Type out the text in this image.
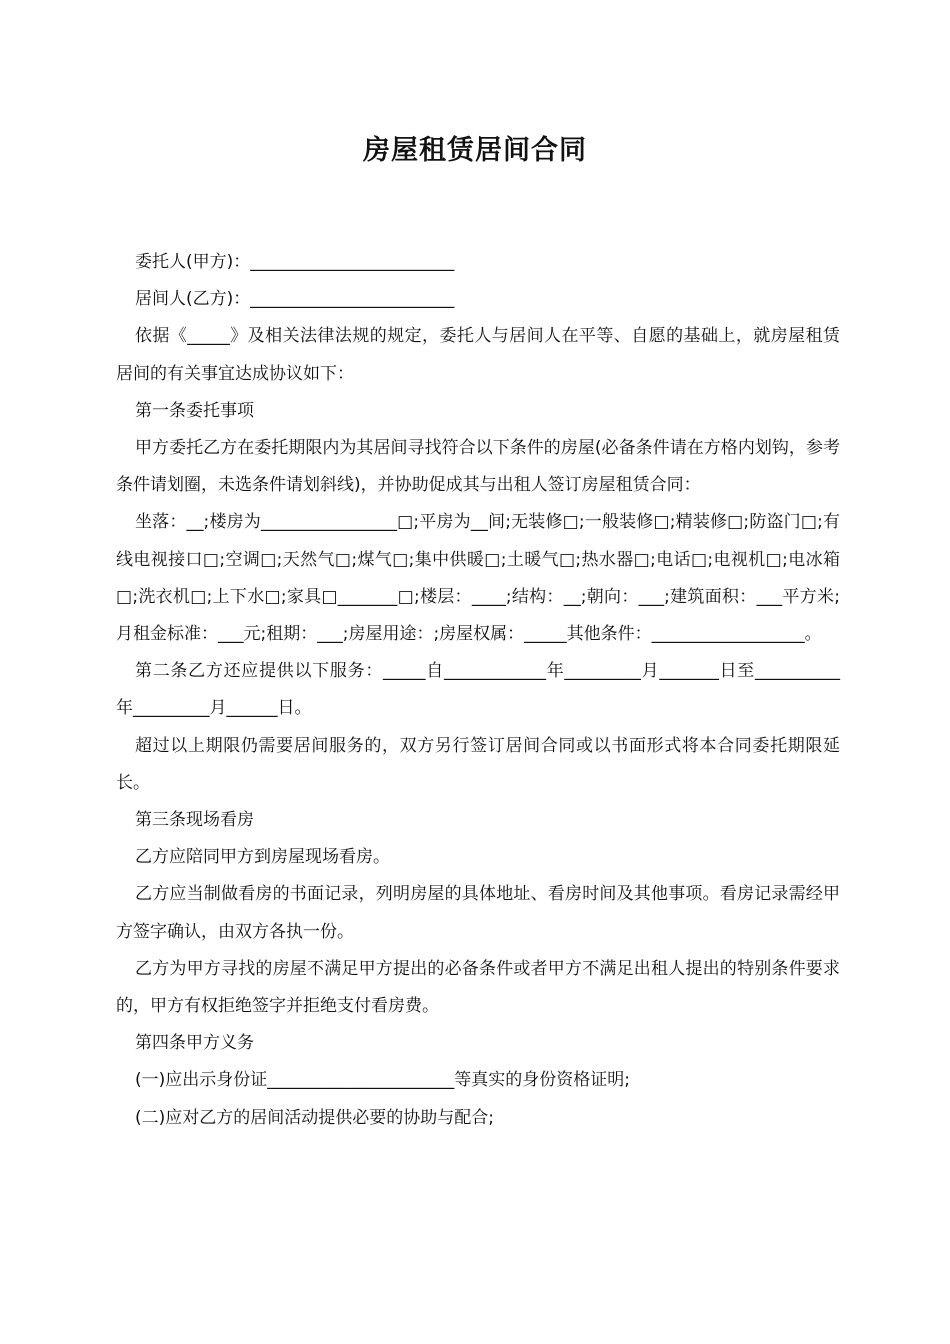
房屋租赁居间合同

委托人(甲方)：________________________

居间人(乙方)：________________________

依据《_____》及相关法律法规的规定，委托人与居间人在平等、自愿的基础上，就房屋租赁居间的有关事宜达成协议如下：

第一条委托事项

甲方委托乙方在委托期限内为其居间寻找符合以下条件的房屋(必备条件请在方格内划钩，参考条件请划圈，未选条件请划斜线)，并协助促成其与出租人签订房屋租赁合同：

坐落：__;楼房为________________□;平房为__间;无装修□;一般装修□;精装修□;防盗门□;有线电视接口□;空调□;天然气□;煤气□;集中供暖□;土暖气□;热水器□;电话□;电视机□;电冰箱□;洗衣机□;上下水□;家具□_______□;楼层：____;结构：__;朝向：___;建筑面积：___平方米;月租金标准：___元;租期：___;房屋用途：;房屋权属：_____其他条件：__________________。

第二条乙方还应提供以下服务：_____自____________年_________月_______日至__________年_________月______日。

超过以上期限仍需要居间服务的，双方另行签订居间合同或以书面形式将本合同委托期限延长。

第三条现场看房

乙方应陪同甲方到房屋现场看房。

乙方应当制做看房的书面记录，列明房屋的具体地址、看房时间及其他事项。看房记录需经甲方签字确认，由双方各执一份。

乙方为甲方寻找的房屋不满足甲方提出的必备条件或者甲方不满足出租人提出的特别条件要求的，甲方有权拒绝签字并拒绝支付看房费。

第四条甲方义务

(一)应出示身份证______________________等真实的身份资格证明;

(二)应对乙方的居间活动提供必要的协助与配合;
